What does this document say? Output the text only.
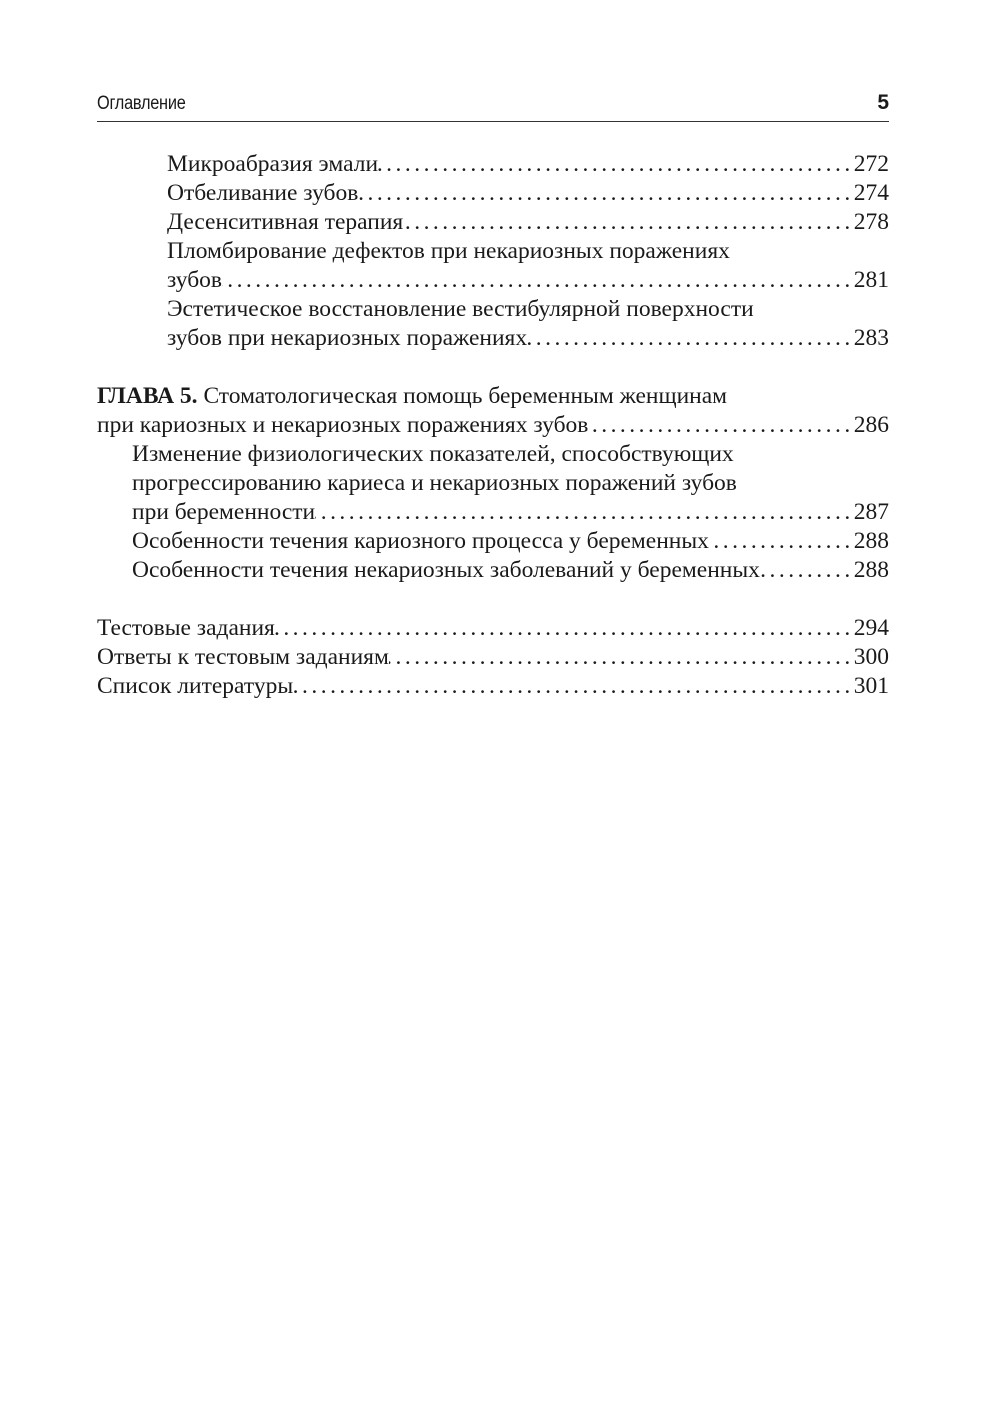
Оглавление	5
Микроабразия эмали . . .	272
Отбеливание зубов . . .	274
Десенситивная терапия . . .	278
Пломбирование дефектов при некариозных поражениях
зубов . . .	281
Эстетическое восстановление вестибулярной поверхности
зубов при некариозных поражениях . . .	283
ГЛАВА 5. Стоматологическая помощь беременным женщинам
при кариозных и некариозных поражениях зубов . . .	286
Изменение физиологических показателей, способствующих
прогрессированию кариеса и некариозных поражений зубов
при беременности . . .	287
Особенности течения кариозного процесса у беременных . . .	288
Особенности течения некариозных заболеваний у беременных . . .	288
Тестовые задания . . .	294
Ответы к тестовым заданиям . . .	300
Список литературы . . .	301
